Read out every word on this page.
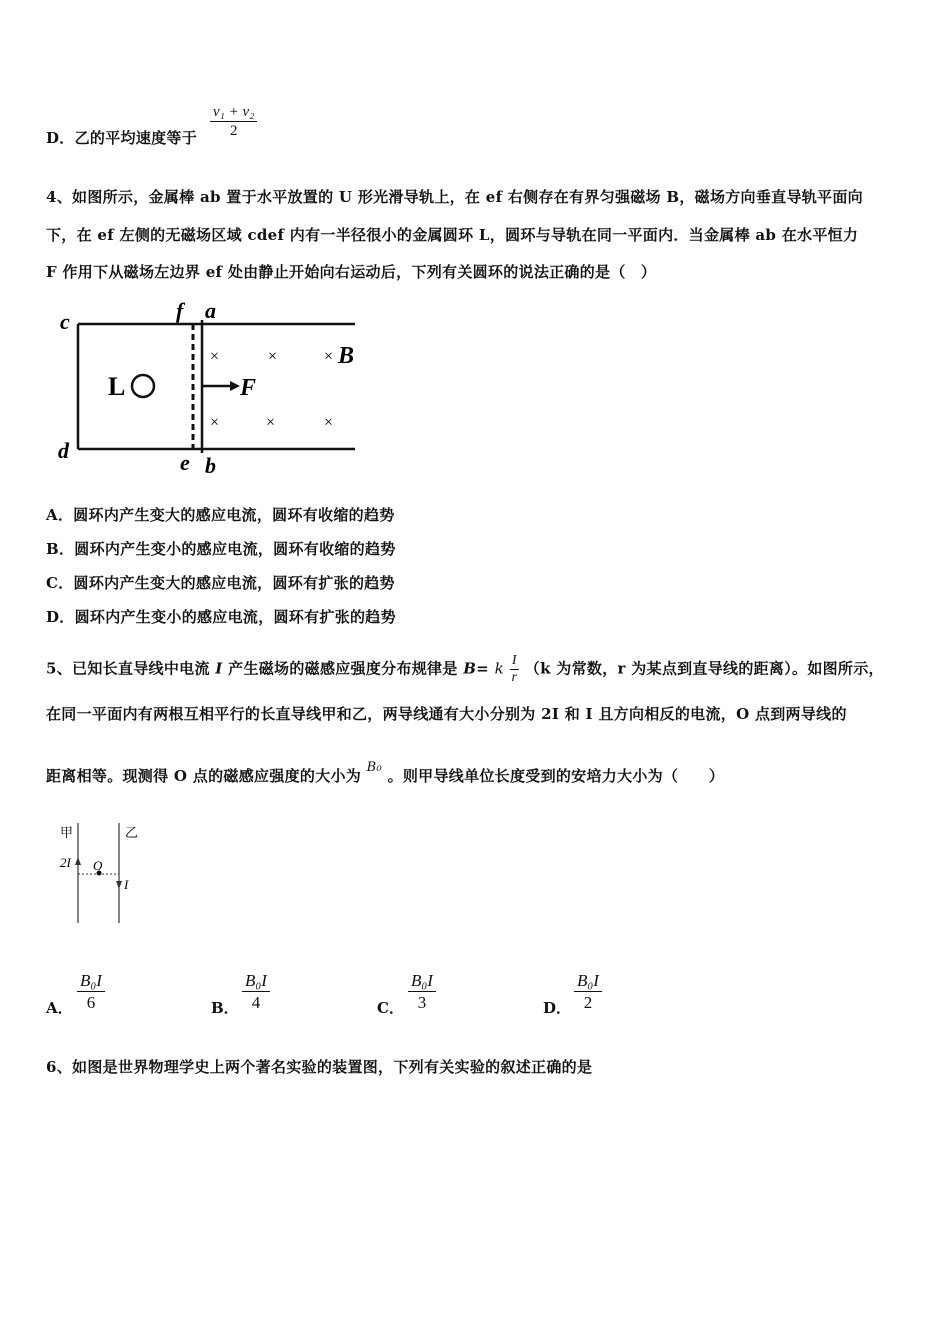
D．乙的平均速度等于 $\frac{\text{v₁ + v₂}}{2}$
4、如图所示，金属棒 ab 置于水平放置的 U 形光滑导轨上，在 ef 右侧存在有界匀强磁场 B，磁场方向垂直导轨平面向
下，在 ef 左侧的无磁场区域 cdef 内有一半径很小的金属圆环 L，圆环与导轨在同一平面内．当金属棒 ab 在水平恒力
F 作用下从磁场左边界 ef 处由静止开始向右运动后，下列有关圆环的说法正确的是（　）
L	F
×	×	×
×	×	×
B
c	f a
d	e b
A．圆环内产生变大的感应电流，圆环有收缩的趋势
B．圆环内产生变小的感应电流，圆环有收缩的趋势
C．圆环内产生变大的感应电流，圆环有扩张的趋势
D．圆环内产生变小的感应电流，圆环有扩张的趋势
5、已知长直导线中电流 I 产生磁场的磁感应强度分布规律是 B= k $\frac{I}{r} (k$ 为常数，r 为某点到直导线的距离）。如图所示，
在同一平面内有两根互相平行的长直导线甲和乙，两导线通有大小分别为 2I 和 I 且方向相反的电流，O 点到两导线的
距离相等。现测得 O 点的磁感应强度的大小为 B₀ 。则甲导线单位长度受到的安培力大小为（　　）
甲	乙
2I O
I
A． $\frac{\text{B₀I}}{6}$	B． $\frac{\text{B₀I}}{4}$	C． $\frac{\text{B₀I}}{3}$	D． $\frac{\text{B₀I}}{2}$
6、如图是世界物理学史上两个著名实验的装置图，下列有关实验的叙述正确的是
